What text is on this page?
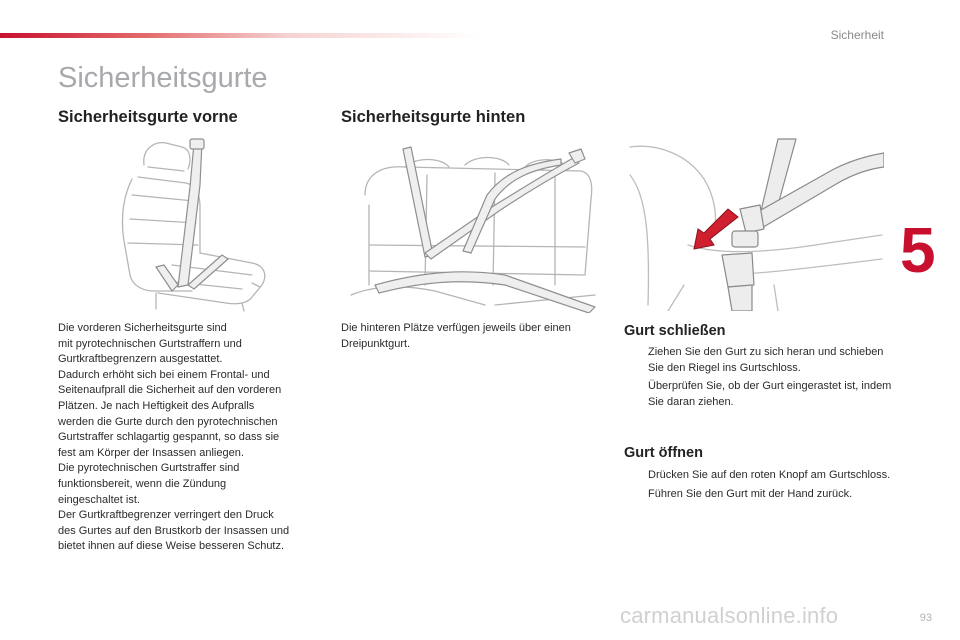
Sicherheit
5
Sicherheitsgurte
Sicherheitsgurte vorne	Sicherheitsgurte hinten

Die vorderen Sicherheitsgurte sind

mit pyrotechnischen Gurtstraffern und

Gurtkraftbegrenzern ausgestattet.

Dadurch erhöht sich bei einem Frontal- und

Seitenaufprall die Sicherheit auf den vorderen

Plätzen. Je nach Heftigkeit des Aufpralls

werden die Gurte durch den pyrotechnischen

Gurtstraffer schlagartig gespannt, so dass sie

fest am Körper der Insassen anliegen.

Die pyrotechnischen Gurtstraffer sind

funktionsbereit, wenn die Zündung

eingeschaltet ist.

Der Gurtkraftbegrenzer verringert den Druck

des Gurtes auf den Brustkorb der Insassen und

bietet ihnen auf diese Weise besseren Schutz.

Die hinteren Plätze verfügen jeweils über einen

Dreipunktgurt.

Gurt schließen
Ziehen Sie den Gurt zu sich heran und schieben Sie den Riegel ins Gurtschloss.
Überprüfen Sie, ob der Gurt eingerastet ist, indem Sie daran ziehen.
Gurt öffnen
Drücken Sie auf den roten Knopf am Gurtschloss.
Führen Sie den Gurt mit der Hand zurück.
carmanualsonline.info	93
